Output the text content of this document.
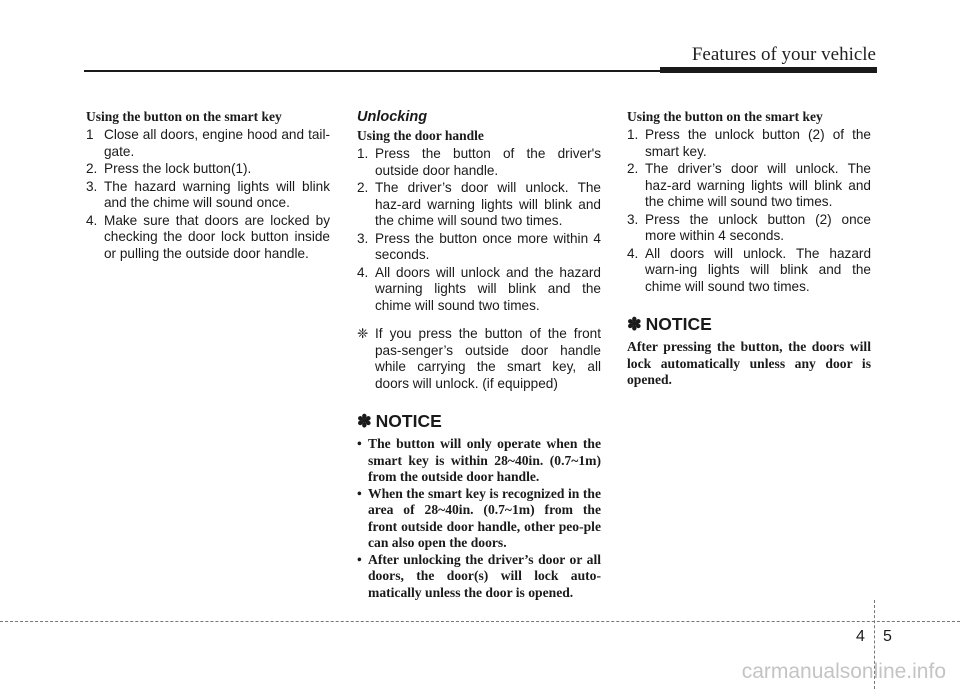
Features of your vehicle
Using the button on the smart key
1 Close all doors, engine hood and tail-gate.
2. Press the lock button(1).
3. The hazard warning lights will blink and the chime will sound once.
4. Make sure that doors are locked by checking the door lock button inside or pulling the outside door handle.
Unlocking
Using the door handle
1. Press the button of the driver's outside door handle.
2. The driver’s door will unlock. The haz-ard warning lights will blink and the chime will sound two times.
3. Press the button once more within 4 seconds.
4. All doors will unlock and the hazard warning lights will blink and the chime will sound two times.
❈ If you press the button of the front pas-senger’s outside door handle while carrying the smart key, all doors will unlock. (if equipped)
✽ NOTICE
• The button will only operate when the smart key is within 28~40in. (0.7~1m) from the outside door handle.
• When the smart key is recognized in the area of 28~40in. (0.7~1m) from the front outside door handle, other peo-ple can also open the doors.
• After unlocking the driver’s door or all doors, the door(s) will lock auto-matically unless the door is opened.
Using the button on the smart key
1. Press the unlock button (2) of the smart key.
2. The driver’s door will unlock. The haz-ard warning lights will blink and the chime will sound two times.
3. Press the unlock button (2) once more within 4 seconds.
4. All doors will unlock. The hazard warn-ing lights will blink and the chime will sound two times.
✽ NOTICE

After pressing the button, the doors will lock automatically unless any door is opened.

4 5
carmanualsonline.info
